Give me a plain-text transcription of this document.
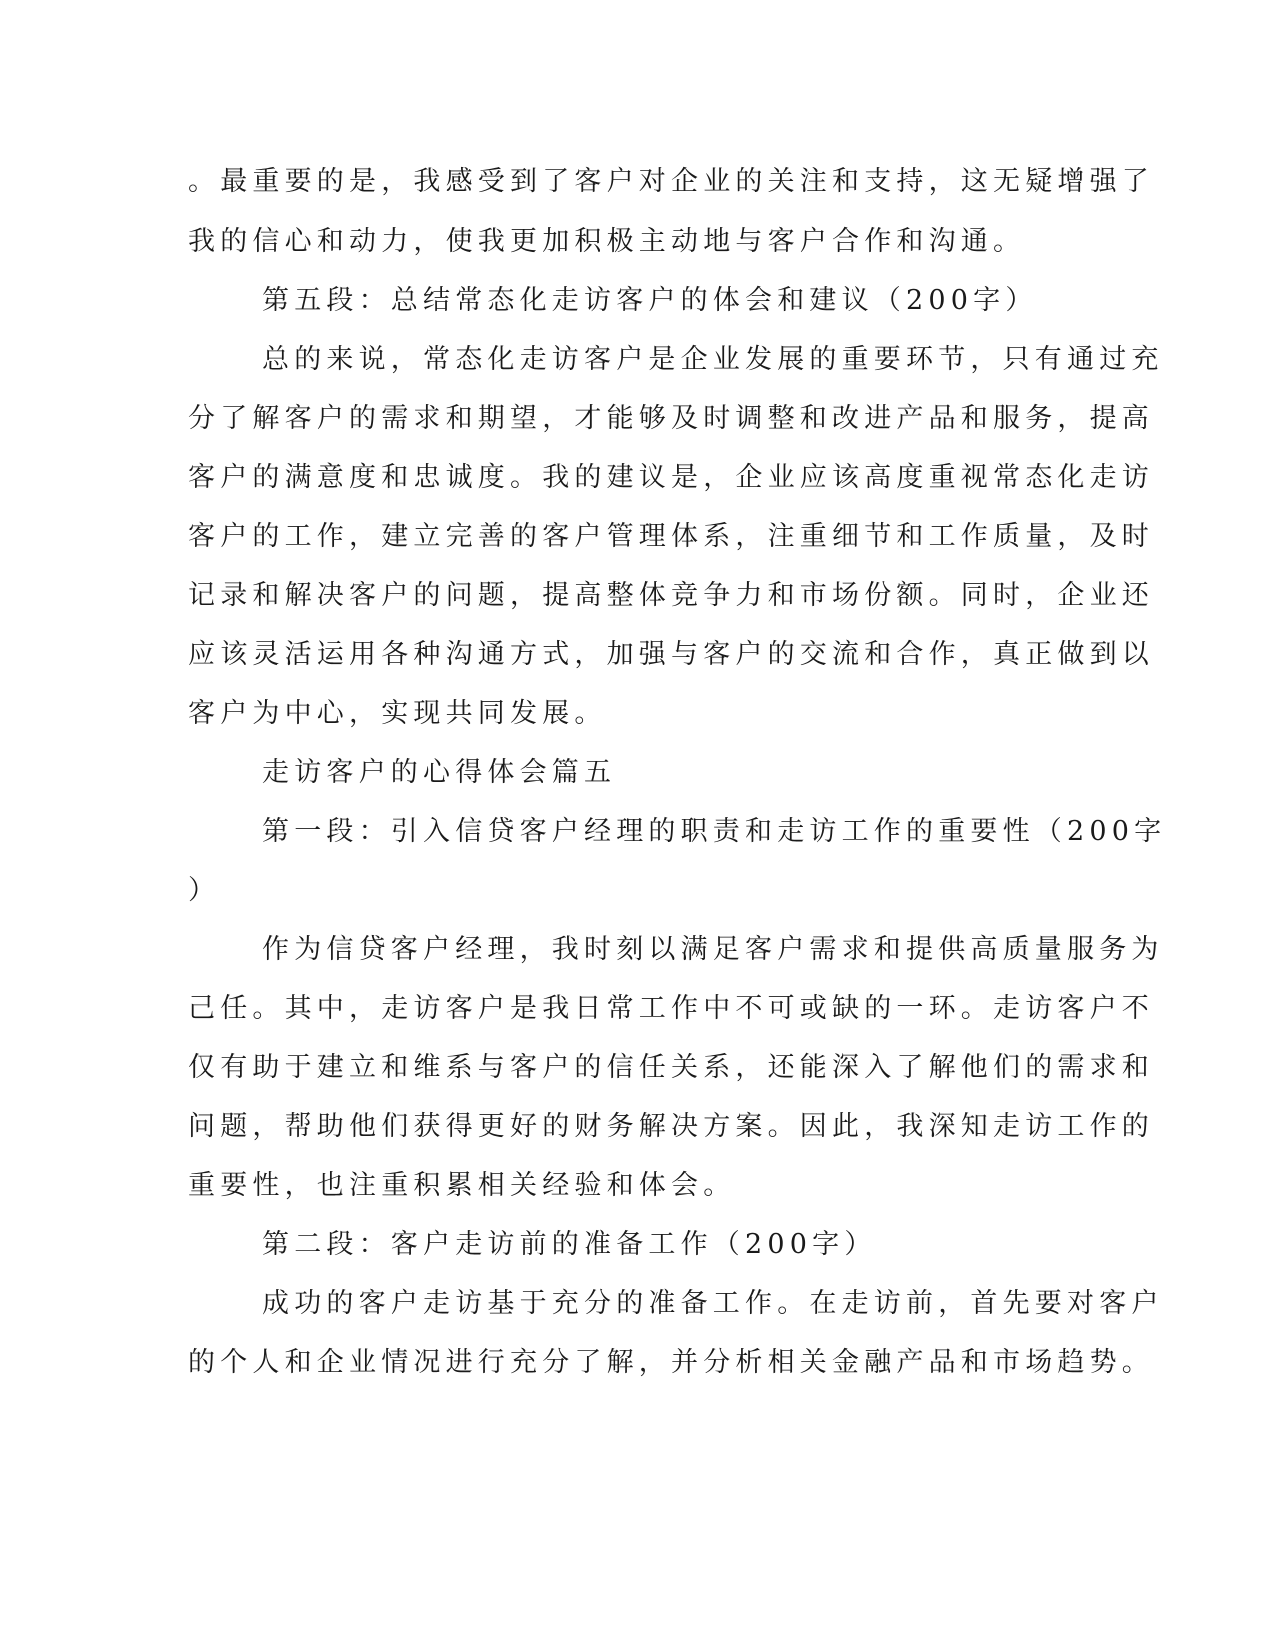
。最重要的是，我感受到了客户对企业的关注和支持，这无疑增强了
我的信心和动力，使我更加积极主动地与客户合作和沟通。
第五段：总结常态化走访客户的体会和建议（200字）
总的来说，常态化走访客户是企业发展的重要环节，只有通过充
分了解客户的需求和期望，才能够及时调整和改进产品和服务，提高
客户的满意度和忠诚度。我的建议是，企业应该高度重视常态化走访
客户的工作，建立完善的客户管理体系，注重细节和工作质量，及时
记录和解决客户的问题，提高整体竞争力和市场份额。同时，企业还
应该灵活运用各种沟通方式，加强与客户的交流和合作，真正做到以
客户为中心，实现共同发展。
走访客户的心得体会篇五
第一段：引入信贷客户经理的职责和走访工作的重要性（200字
）
作为信贷客户经理，我时刻以满足客户需求和提供高质量服务为
己任。其中，走访客户是我日常工作中不可或缺的一环。走访客户不
仅有助于建立和维系与客户的信任关系，还能深入了解他们的需求和
问题，帮助他们获得更好的财务解决方案。因此，我深知走访工作的
重要性，也注重积累相关经验和体会。
第二段：客户走访前的准备工作（200字）
成功的客户走访基于充分的准备工作。在走访前，首先要对客户
的个人和企业情况进行充分了解，并分析相关金融产品和市场趋势。
